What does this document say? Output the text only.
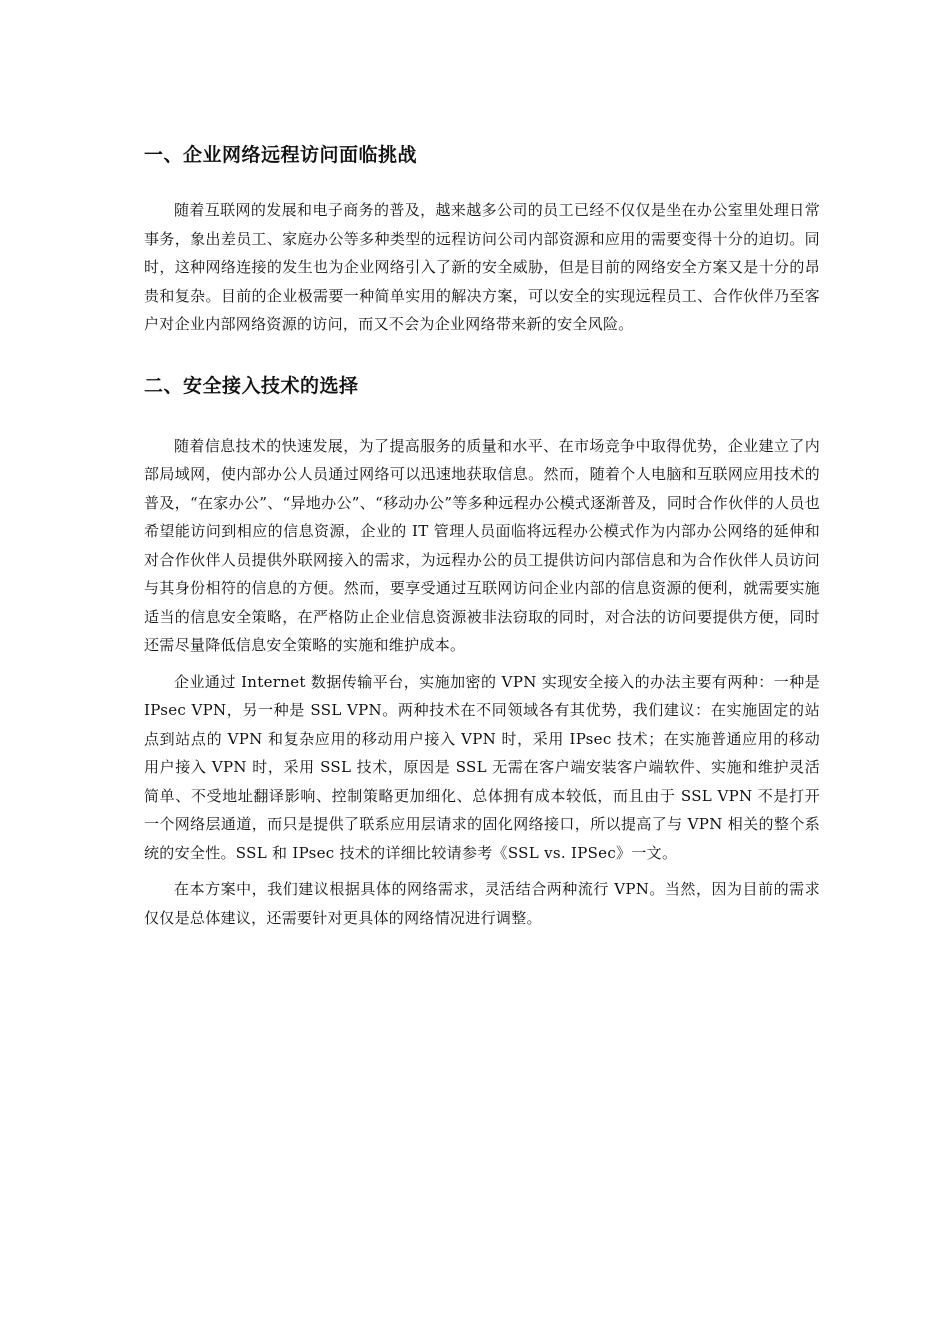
一、企业网络远程访问面临挑战

随着互联网的发展和电子商务的普及，越来越多公司的员工已经不仅仅是坐在办公室里处理日常事务，象出差员工、家庭办公等多种类型的远程访问公司内部资源和应用的需要变得十分的迫切。同时，这种网络连接的发生也为企业网络引入了新的安全威胁，但是目前的网络安全方案又是十分的昂贵和复杂。目前的企业极需要一种简单实用的解决方案，可以安全的实现远程员工、合作伙伴乃至客户对企业内部网络资源的访问，而又不会为企业网络带来新的安全风险。

二、安全接入技术的选择

随着信息技术的快速发展，为了提高服务的质量和水平、在市场竞争中取得优势，企业建立了内部局域网，使内部办公人员通过网络可以迅速地获取信息。然而，随着个人电脑和互联网应用技术的普及，“在家办公”、“异地办公”、“移动办公”等多种远程办公模式逐渐普及，同时合作伙伴的人员也希望能访问到相应的信息资源，企业的 IT 管理人员面临将远程办公模式作为内部办公网络的延伸和对合作伙伴人员提供外联网接入的需求，为远程办公的员工提供访问内部信息和为合作伙伴人员访问与其身份相符的信息的方便。然而，要享受通过互联网访问企业内部的信息资源的便利，就需要实施适当的信息安全策略，在严格防止企业信息资源被非法窃取的同时，对合法的访问要提供方便，同时还需尽量降低信息安全策略的实施和维护成本。

企业通过 Internet 数据传输平台，实施加密的 VPN 实现安全接入的办法主要有两种：一种是 IPsec VPN，另一种是 SSL VPN。两种技术在不同领域各有其优势，我们建议：在实施固定的站点到站点的 VPN 和复杂应用的移动用户接入 VPN 时，采用 IPsec 技术；在实施普通应用的移动用户接入 VPN 时，采用 SSL 技术，原因是 SSL 无需在客户端安装客户端软件、实施和维护灵活简单、不受地址翻译影响、控制策略更加细化、总体拥有成本较低，而且由于 SSL VPN 不是打开一个网络层通道，而只是提供了联系应用层请求的固化网络接口，所以提高了与 VPN 相关的整个系统的安全性。SSL 和 IPsec 技术的详细比较请参考《SSL vs. IPSec》一文。

在本方案中，我们建议根据具体的网络需求，灵活结合两种流行 VPN。当然，因为目前的需求仅仅是总体建议，还需要针对更具体的网络情况进行调整。
